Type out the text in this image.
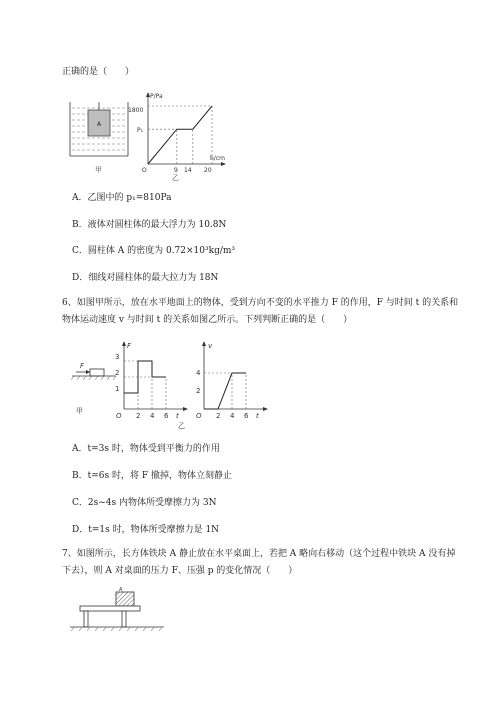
正确的是（　　）
A
甲
P/Pa
1800
P₁
O	9 14 20
h/cm
乙
A．乙图中的 p₁=810Pa
B．液体对圆柱体的最大浮力为 10.8N
C．圆柱体 A 的密度为 0.72×10³kg/m³
D．细线对圆柱体的最大拉力为 18N
6、如图甲所示，放在水平地面上的物体，受到方向不变的水平推力 F 的作用，F 与时间 t 的关系和物体运动速度 v 与时间 t 的关系如图乙所示。下列判断正确的是（　　）
F
甲
F
3
2
1
O 2 4 6 t
乙
v
4
2
O 2 4 6 t
A．t=3s 时，物体受到平衡力的作用
B．t=6s 时，将 F 撤掉，物体立刻静止
C．2s~4s 内物体所受摩擦力为 3N
D．t=1s 时，物体所受摩擦力是 1N
7、如图所示，长方体铁块 A 静止放在水平桌面上，若把 A 略向右移动（这个过程中铁块 A 没有掉下去），则 A 对桌面的压力 F、压强 p 的变化情况（　　）
A
